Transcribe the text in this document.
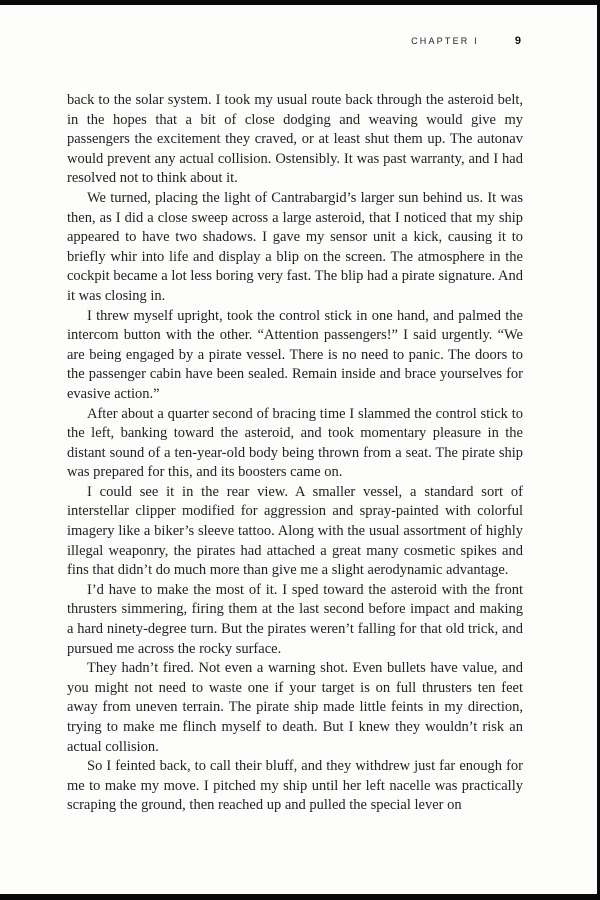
CHAPTER I	9

back to the solar system. I took my usual route back through the asteroid belt, in the hopes that a bit of close dodging and weaving would give my passengers the excitement they craved, or at least shut them up. The autonav would prevent any actual collision. Ostensibly. It was past warranty, and I had resolved not to think about it.

We turned, placing the light of Cantrabargid’s larger sun behind us. It was then, as I did a close sweep across a large asteroid, that I noticed that my ship appeared to have two shadows. I gave my sensor unit a kick, causing it to briefly whir into life and display a blip on the screen. The atmosphere in the cockpit became a lot less boring very fast. The blip had a pirate signature. And it was closing in.

I threw myself upright, took the control stick in one hand, and palmed the intercom button with the other. “Attention passengers!” I said urgently. “We are being engaged by a pirate vessel. There is no need to panic. The doors to the passenger cabin have been sealed. Remain inside and brace yourselves for evasive action.”

After about a quarter second of bracing time I slammed the control stick to the left, banking toward the asteroid, and took momentary pleasure in the distant sound of a ten-year-old body being thrown from a seat. The pirate ship was prepared for this, and its boosters came on.

I could see it in the rear view. A smaller vessel, a standard sort of interstellar clipper modified for aggression and spray-painted with colorful imagery like a biker’s sleeve tattoo. Along with the usual assortment of highly illegal weaponry, the pirates had attached a great many cosmetic spikes and fins that didn’t do much more than give me a slight aerodynamic advantage.

I’d have to make the most of it. I sped toward the asteroid with the front thrusters simmering, firing them at the last second before impact and making a hard ninety-degree turn. But the pirates weren’t falling for that old trick, and pursued me across the rocky surface.

They hadn’t fired. Not even a warning shot. Even bullets have value, and you might not need to waste one if your target is on full thrusters ten feet away from uneven terrain. The pirate ship made little feints in my direction, trying to make me flinch myself to death. But I knew they wouldn’t risk an actual collision.

So I feinted back, to call their bluff, and they withdrew just far enough for me to make my move. I pitched my ship until her left nacelle was practically scraping the ground, then reached up and pulled the special lever on
